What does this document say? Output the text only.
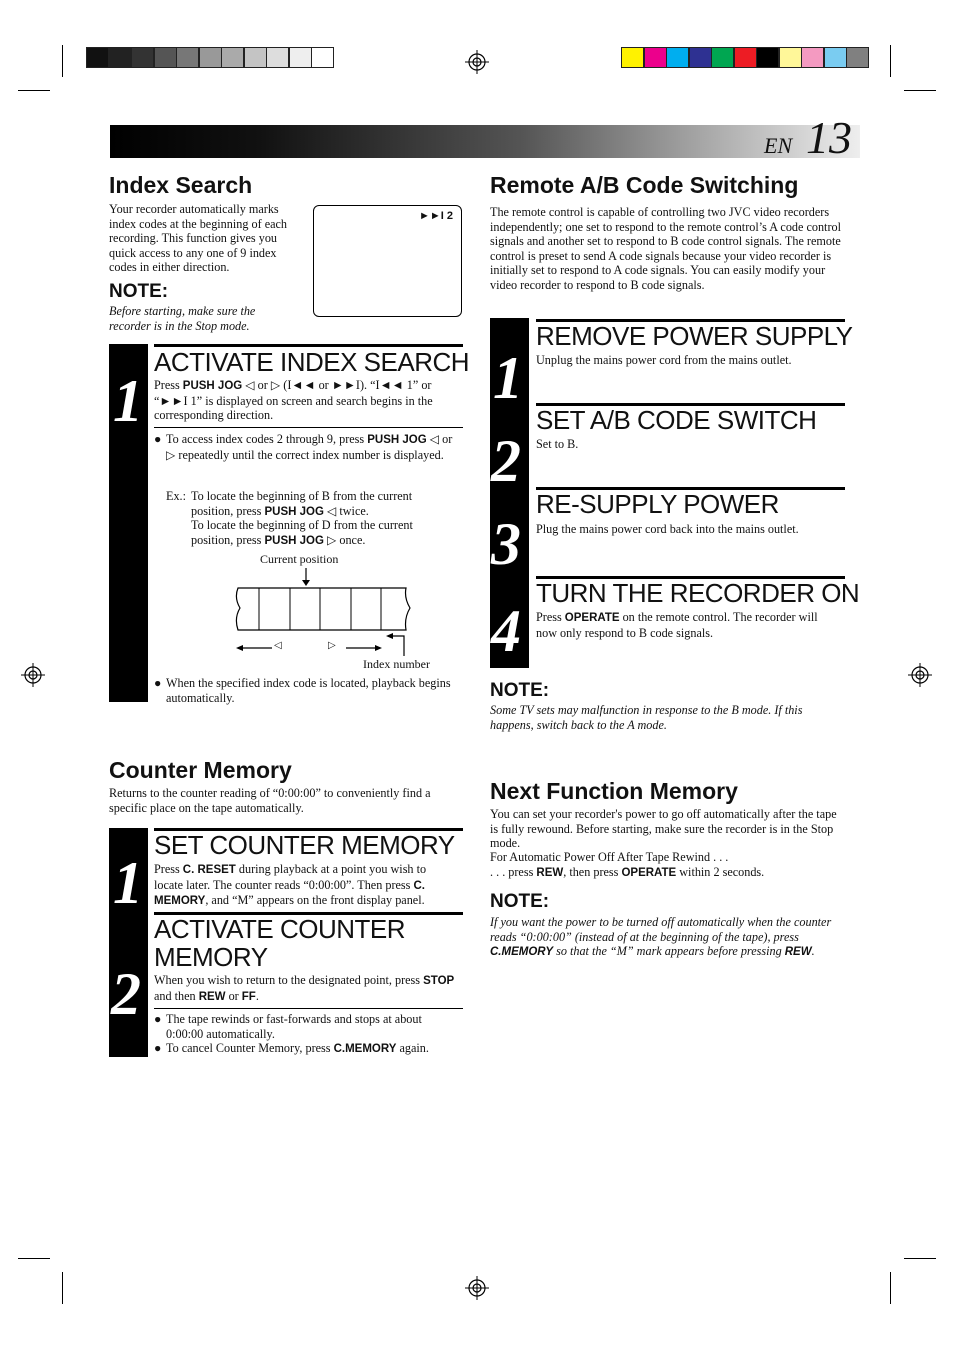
EN 13
Index Search

Your recorder automatically marks index codes at the beginning of each recording. This function gives you quick access to any one of 9 index codes in either direction.

NOTE:
Before starting, make sure the recorder is in the Stop mode.
►►I 2
1
ACTIVATE INDEX SEARCH

Press PUSH JOG ◁ or ▷ (I◄◄ or ►►I). “I◄◄ 1” or “►►I 1” is displayed on screen and search begins in the corresponding direction.

● To access index codes 2 through 9, press PUSH JOG ◁ or ▷ repeatedly until the correct index number is displayed.
Ex.: To locate the beginning of B from the current position, press PUSH JOG ◁ twice.

To locate the beginning of D from the current position, press PUSH JOG ▷ once.

Current position
◁	▷
Index number
● When the specified index code is located, playback begins automatically.
Counter Memory

Returns to the counter reading of “0:00:00” to conveniently find a specific place on the tape automatically.

1
2
SET COUNTER MEMORY

Press C. RESET during playback at a point you wish to locate later. The counter reads “0:00:00”. Then press C. MEMORY, and “M” appears on the front display panel.

ACTIVATE COUNTER
MEMORY

When you wish to return to the designated point, press STOP and then REW or FF.

● The tape rewinds or fast-forwards and stops at about 0:00:00 automatically.
● To cancel Counter Memory, press C.MEMORY again.
Remote A/B Code Switching

The remote control is capable of controlling two JVC video recorders independently; one set to respond to the remote control’s A code control signals and another set to respond to B code control signals. The remote control is preset to send A code signals because your video recorder is initially set to respond to A code signals. You can easily modify your video recorder to respond to B code signals.

1
2
3
4
REMOVE POWER SUPPLY

Unplug the mains power cord from the mains outlet.

SET A/B CODE SWITCH

Set to B.

RE-SUPPLY POWER

Plug the mains power cord back into the mains outlet.

TURN THE RECORDER ON

Press OPERATE on the remote control. The recorder will now only respond to B code signals.

NOTE:
Some TV sets may malfunction in response to the B mode. If this happens, switch back to the A mode.
Next Function Memory

You can set your recorder's power to go off automatically after the tape is fully rewound. Before starting, make sure the recorder is in the Stop mode.

For Automatic Power Off After Tape Rewind . . .

. . . press REW, then press OPERATE within 2 seconds.

NOTE:
If you want the power to be turned off automatically when the counter reads “0:00:00” (instead of at the beginning of the tape), press C.MEMORY so that the “M” mark appears before pressing REW.
